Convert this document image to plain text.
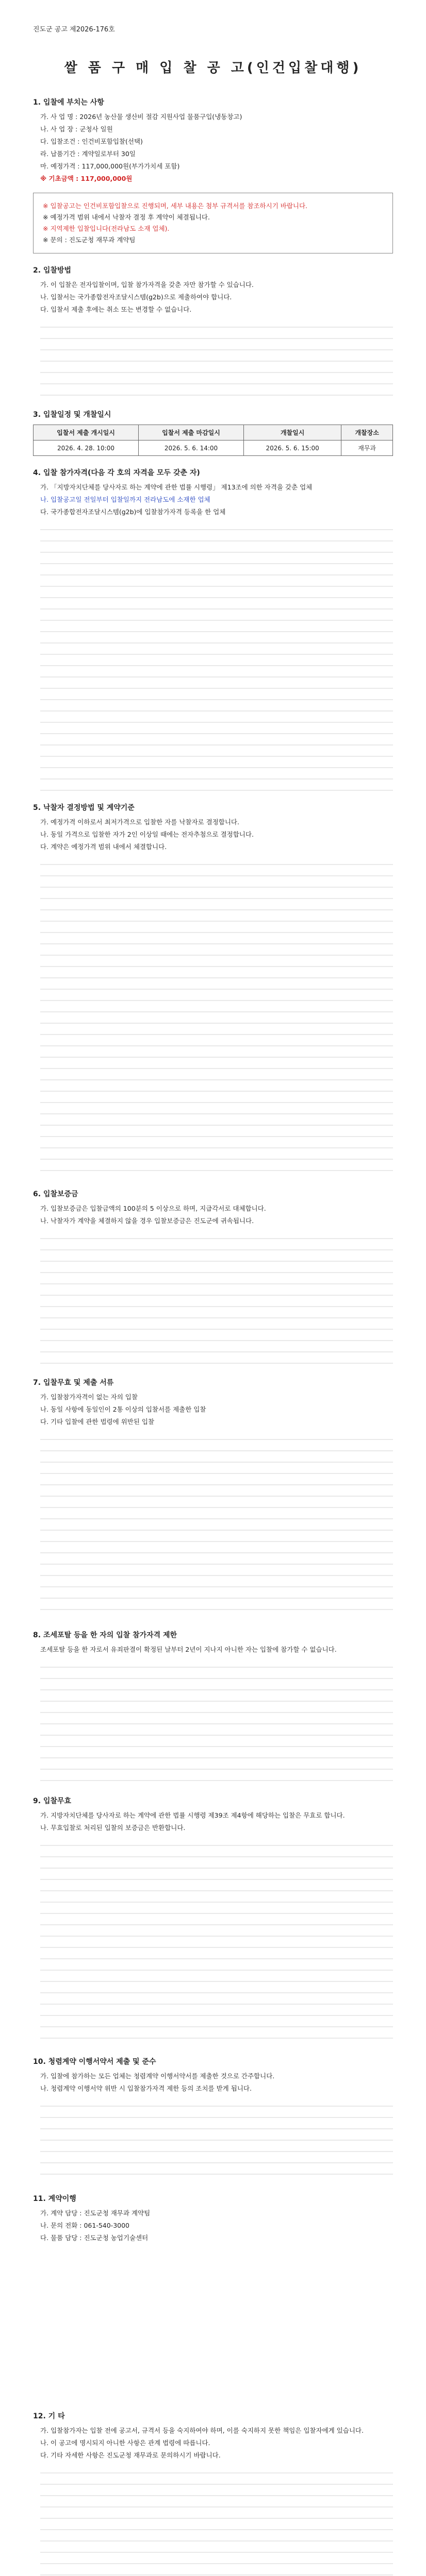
진도군 공고 제2026-176호
쌀 품 구 매 입 찰 공 고(인건입찰대행)
1. 입찰에 부치는 사항
가. 사 업 명 : 2026년 농산물 생산비 절감 지원사업 물품구입(냉동창고)
나. 사 업 장 : 군청사 일원
다. 입찰조건 : 인건비포함입찰(선택)
라. 납품기간 : 계약일로부터 30일
마. 예정가격 : 117,000,000원(부가가치세 포함)
※ 기초금액 : 117,000,000원

※ 입찰공고는 인건비포함입찰으로 진행되며, 세부 내용은 첨부 규격서를 참조하시기 바랍니다.

※ 예정가격 범위 내에서 낙찰자 결정 후 계약이 체결됩니다.

※ 지역제한 입찰입니다(전라남도 소재 업체).

※ 문의 : 진도군청 재무과 계약팀

2. 입찰방법
가. 이 입찰은 전자입찰이며, 입찰 참가자격을 갖춘 자만 참가할 수 있습니다.
나. 입찰서는 국가종합전자조달시스템(g2b)으로 제출하여야 합니다.
다. 입찰서 제출 후에는 취소 또는 변경할 수 없습니다.
3. 입찰일정 및 개찰일시
입찰서 제출 개시일시	입찰서 제출 마감일시	개찰일시	개찰장소
2026. 4. 28. 10:00	2026. 5. 6. 14:00	2026. 5. 6. 15:00	재무과
4. 입찰 참가자격(다음 각 호의 자격을 모두 갖춘 자)
가. 「지방자치단체를 당사자로 하는 계약에 관한 법률 시행령」 제13조에 의한 자격을 갖춘 업체
나. 입찰공고일 전일부터 입찰일까지 전라남도에 소재한 업체
다. 국가종합전자조달시스템(g2b)에 입찰참가자격 등록을 한 업체
5. 낙찰자 결정방법 및 계약기준
가. 예정가격 이하로서 최저가격으로 입찰한 자를 낙찰자로 결정합니다.
나. 동일 가격으로 입찰한 자가 2인 이상일 때에는 전자추첨으로 결정합니다.
다. 계약은 예정가격 범위 내에서 체결합니다.
6. 입찰보증금
가. 입찰보증금은 입찰금액의 100분의 5 이상으로 하며, 지급각서로 대체합니다.
나. 낙찰자가 계약을 체결하지 않을 경우 입찰보증금은 진도군에 귀속됩니다.
7. 입찰무효 및 제출 서류
가. 입찰참가자격이 없는 자의 입찰
나. 동일 사항에 동일인이 2통 이상의 입찰서를 제출한 입찰
다. 기타 입찰에 관한 법령에 위반된 입찰
8. 조세포탈 등을 한 자의 입찰 참가자격 제한
조세포탈 등을 한 자로서 유죄판결이 확정된 날부터 2년이 지나지 아니한 자는 입찰에 참가할 수 없습니다.
9. 입찰무효
가. 지방자치단체를 당사자로 하는 계약에 관한 법률 시행령 제39조 제4항에 해당하는 입찰은 무효로 합니다.
나. 무효입찰로 처리된 입찰의 보증금은 반환합니다.
10. 청렴계약 이행서약서 제출 및 준수
가. 입찰에 참가하는 모든 업체는 청렴계약 이행서약서를 제출한 것으로 간주합니다.
나. 청렴계약 이행서약 위반 시 입찰참가자격 제한 등의 조치를 받게 됩니다.
11. 계약이행
가. 계약 담당 : 진도군청 재무과 계약팀
나. 문의 전화 : 061-540-3000
다. 물품 담당 : 진도군청 농업기술센터
12. 기 타
가. 입찰참가자는 입찰 전에 공고서, 규격서 등을 숙지하여야 하며, 이를 숙지하지 못한 책임은 입찰자에게 있습니다.
나. 이 공고에 명시되지 아니한 사항은 관계 법령에 따릅니다.
다. 기타 자세한 사항은 진도군청 재무과로 문의하시기 바랍니다.
